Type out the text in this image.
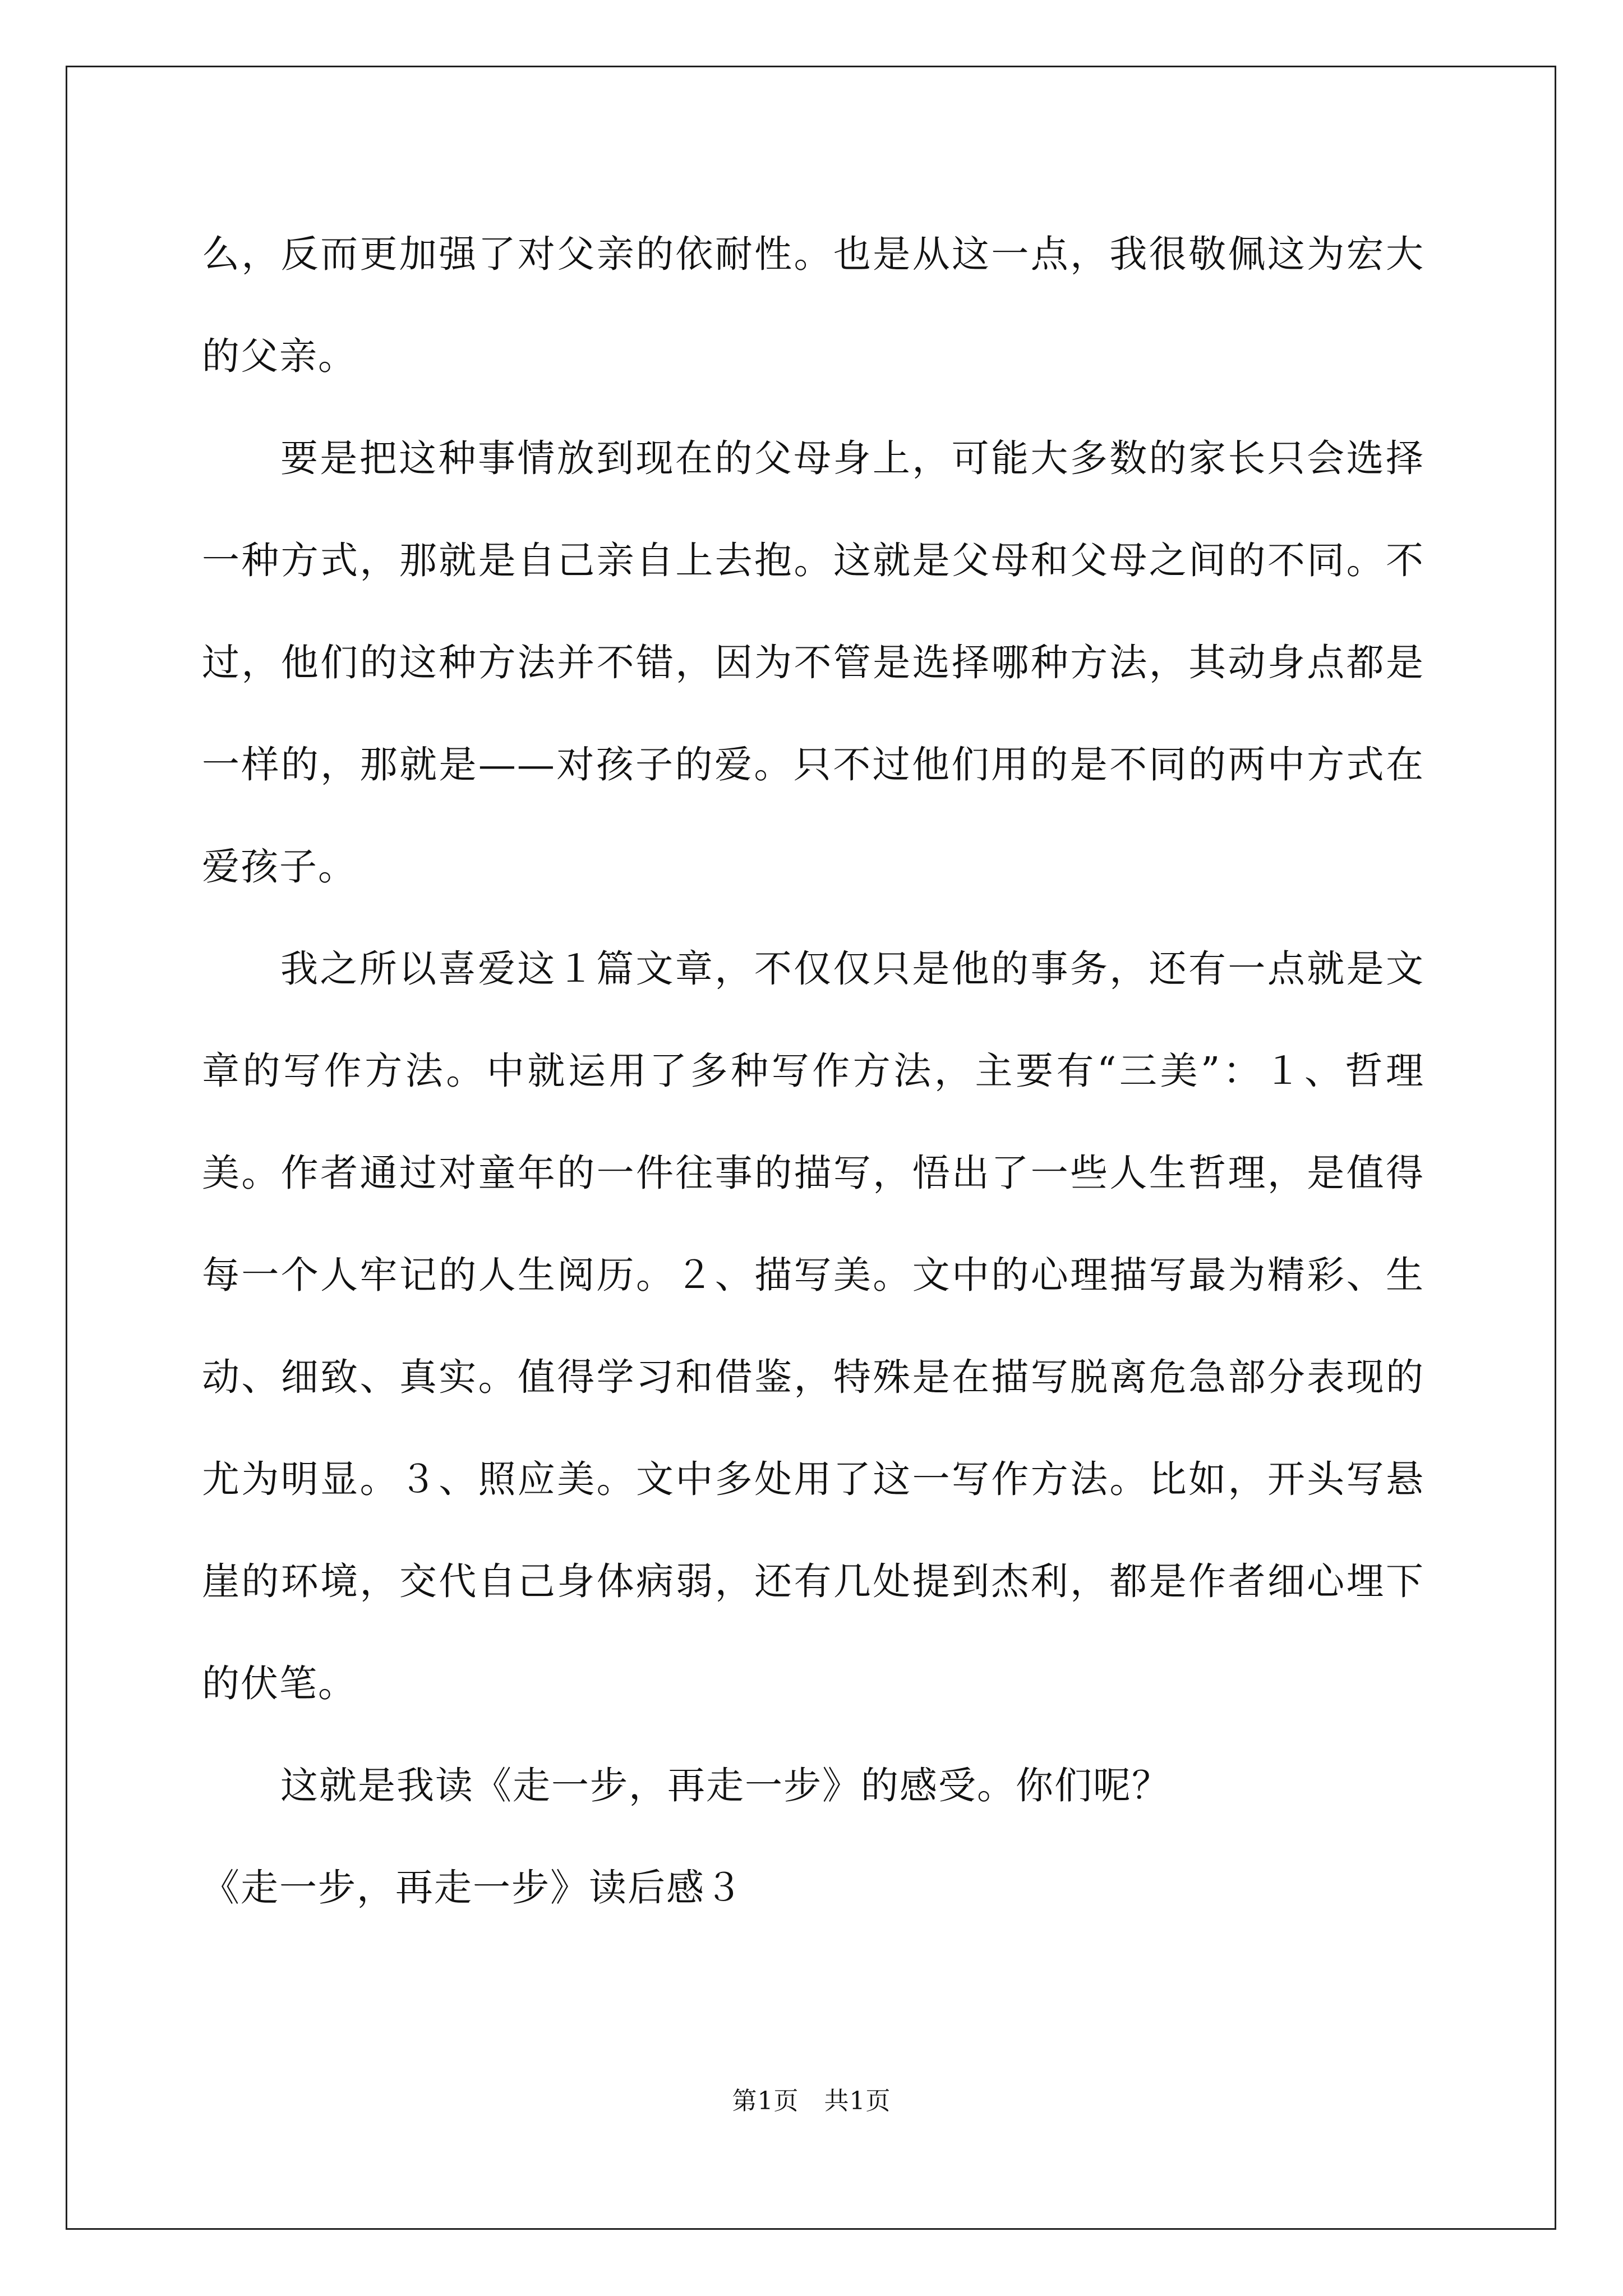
么，反而更加强了对父亲的依耐性。也是从这一点，我很敬佩这为宏大的父亲。

要是把这种事情放到现在的父母身上，可能大多数的家长只会选择一种方式，那就是自己亲自上去抱。这就是父母和父母之间的不同。不过，他们的这种方法并不错，因为不管是选择哪种方法，其动身点都是一样的，那就是——对孩子的爱。只不过他们用的是不同的两中方式在爱孩子。

我之所以喜爱这１篇文章，不仅仅只是他的事务，还有一点就是文章的写作方法。中就运用了多种写作方法，主要有“三美”：１、哲理美。作者通过对童年的一件往事的描写，悟出了一些人生哲理，是值得每一个人牢记的人生阅历。２、描写美。文中的心理描写最为精彩、生动、细致、真实。值得学习和借鉴，特殊是在描写脱离危急部分表现的尤为明显。３、照应美。文中多处用了这一写作方法。比如，开头写悬崖的环境，交代自己身体病弱，还有几处提到杰利，都是作者细心埋下的伏笔。

这就是我读《走一步，再走一步》的感受。你们呢？

《走一步，再走一步》读后感３

第1页　共1页
